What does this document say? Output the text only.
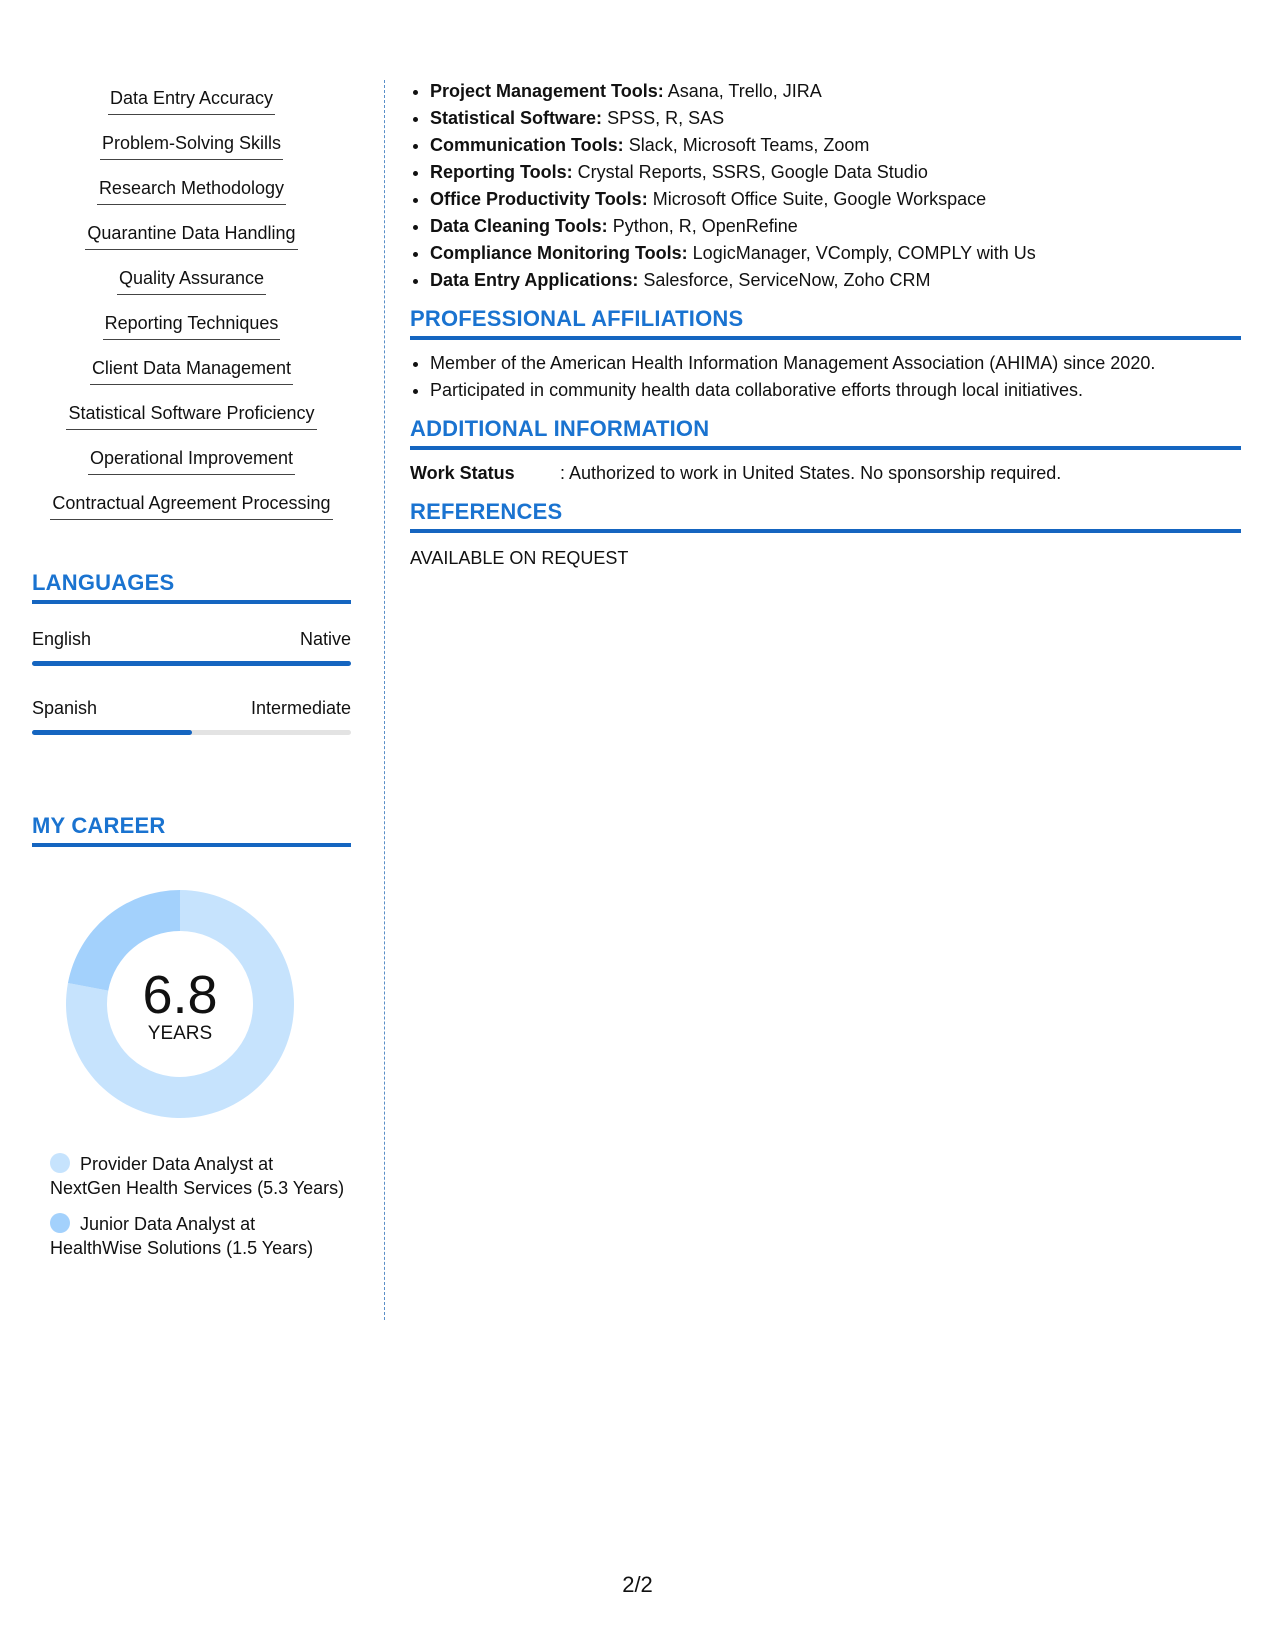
Data Entry Accuracy
Problem-Solving Skills
Research Methodology
Quarantine Data Handling
Quality Assurance
Reporting Techniques
Client Data Management
Statistical Software Proficiency
Operational Improvement
Contractual Agreement Processing
LANGUAGES
English	Native
Spanish	Intermediate
MY CAREER
6.8
YEARS
Provider Data Analyst at NextGen Health Services (5.3 Years)
Junior Data Analyst at HealthWise Solutions (1.5 Years)
• Project Management Tools: Asana, Trello, JIRA
• Statistical Software: SPSS, R, SAS
• Communication Tools: Slack, Microsoft Teams, Zoom
• Reporting Tools: Crystal Reports, SSRS, Google Data Studio
• Office Productivity Tools: Microsoft Office Suite, Google Workspace
• Data Cleaning Tools: Python, R, OpenRefine
• Compliance Monitoring Tools: LogicManager, VComply, COMPLY with Us
• Data Entry Applications: Salesforce, ServiceNow, Zoho CRM
PROFESSIONAL AFFILIATIONS
• Member of the American Health Information Management Association (AHIMA) since 2020.
• Participated in community health data collaborative efforts through local initiatives.
ADDITIONAL INFORMATION
Work Status	: Authorized to work in United States. No sponsorship required.
REFERENCES
AVAILABLE ON REQUEST
2/2
